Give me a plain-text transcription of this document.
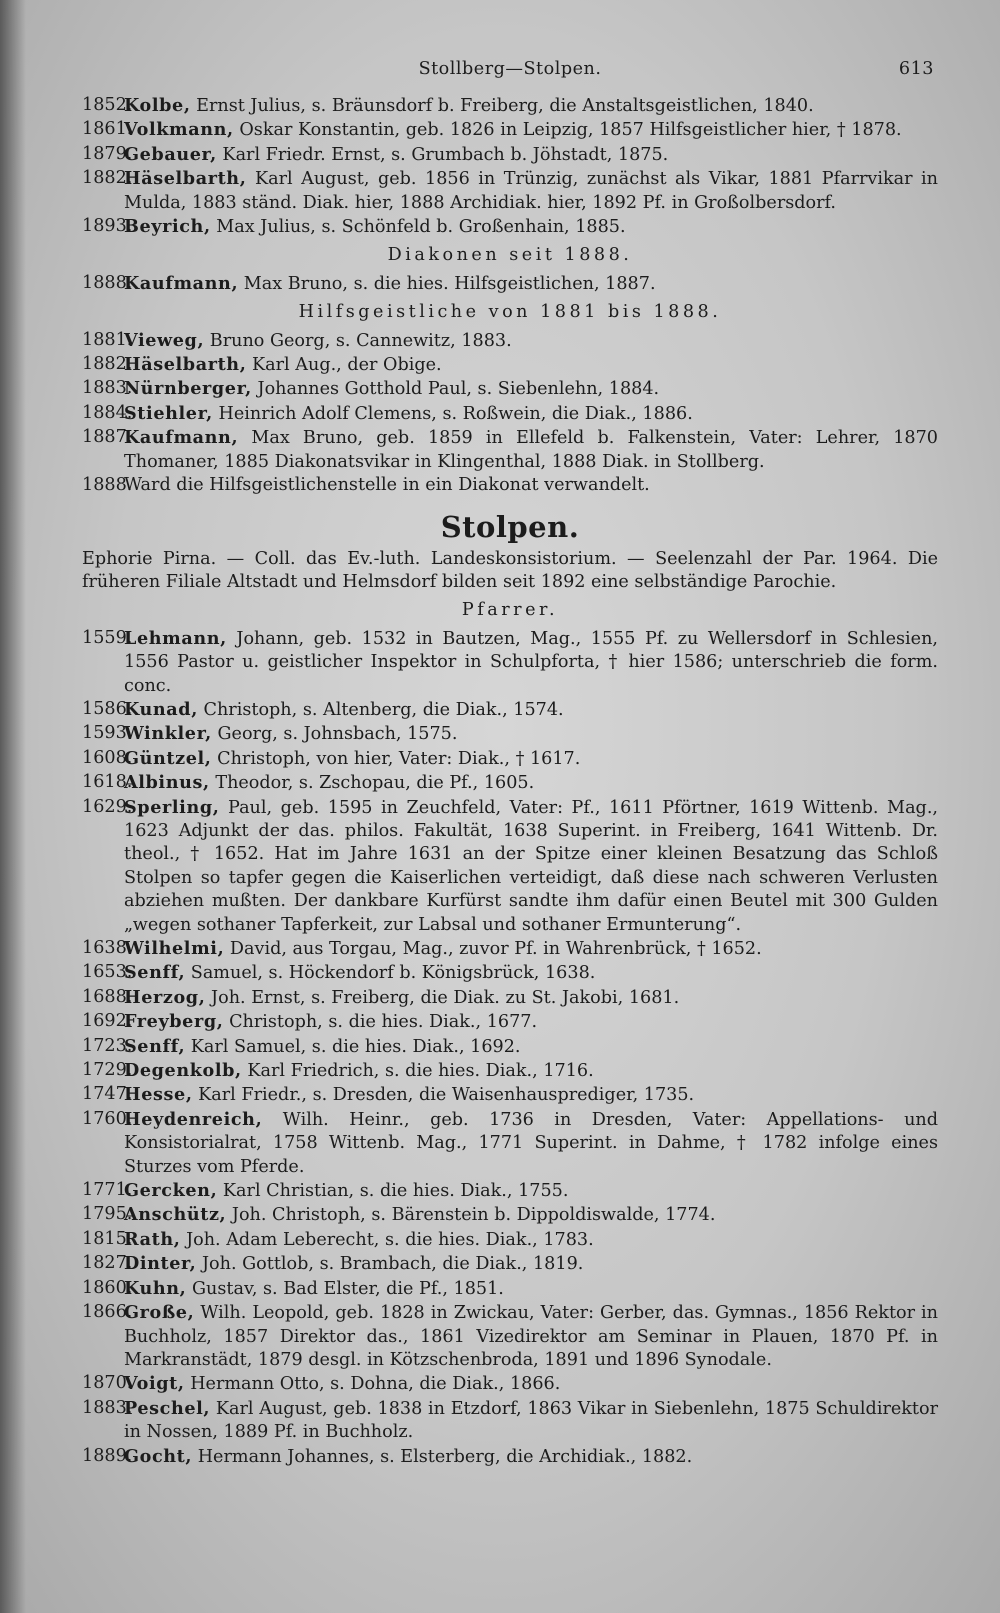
Stollberg—Stolpen.	613
1852.
Kolbe, Ernst Julius, s. Bräunsdorf b. Freiberg, die Anstaltsgeistlichen, 1840.
1861.
Volkmann, Oskar Konstantin, geb. 1826 in Leipzig, 1857 Hilfsgeistlicher hier, † 1878.
1879.
Gebauer, Karl Friedr. Ernst, s. Grumbach b. Jöhstadt, 1875.
1882.
Häselbarth, Karl August, geb. 1856 in Trünzig, zunächst als Vikar, 1881 Pfarrvikar in Mulda, 1883 ständ. Diak. hier, 1888 Archidiak. hier, 1892 Pf. in Großolbersdorf.
1893.
Beyrich, Max Julius, s. Schönfeld b. Großenhain, 1885.
Diakonen seit 1888.
1888.
Kaufmann, Max Bruno, s. die hies. Hilfsgeistlichen, 1887.
Hilfsgeistliche von 1881 bis 1888.
1881.
Vieweg, Bruno Georg, s. Cannewitz, 1883.
1882.
Häselbarth, Karl Aug., der Obige.
1883.
Nürnberger, Johannes Gotthold Paul, s. Siebenlehn, 1884.
1884.
Stiehler, Heinrich Adolf Clemens, s. Roßwein, die Diak., 1886.
1887.
Kaufmann, Max Bruno, geb. 1859 in Ellefeld b. Falkenstein, Vater: Lehrer, 1870 Thomaner, 1885 Diakonatsvikar in Klingenthal, 1888 Diak. in Stollberg.
1888.
Ward die Hilfsgeistlichenstelle in ein Diakonat verwandelt.
Stolpen.
Ephorie Pirna. — Coll. das Ev.-luth. Landeskonsistorium. — Seelenzahl der Par. 1964. Die früheren Filiale Altstadt und Helmsdorf bilden seit 1892 eine selbständige Parochie.
Pfarrer.
1559.
Lehmann, Johann, geb. 1532 in Bautzen, Mag., 1555 Pf. zu Wellersdorf in Schlesien, 1556 Pastor u. geistlicher Inspektor in Schulpforta, † hier 1586; unterschrieb die form. conc.
1586.
Kunad, Christoph, s. Altenberg, die Diak., 1574.
1593.
Winkler, Georg, s. Johnsbach, 1575.
1608.
Güntzel, Christoph, von hier, Vater: Diak., † 1617.
1618.
Albinus, Theodor, s. Zschopau, die Pf., 1605.
1629.
Sperling, Paul, geb. 1595 in Zeuchfeld, Vater: Pf., 1611 Pförtner, 1619 Wittenb. Mag., 1623 Adjunkt der das. philos. Fakultät, 1638 Superint. in Freiberg, 1641 Wittenb. Dr. theol., † 1652. Hat im Jahre 1631 an der Spitze einer kleinen Besatzung das Schloß Stolpen so tapfer gegen die Kaiserlichen verteidigt, daß diese nach schweren Verlusten abziehen mußten. Der dankbare Kurfürst sandte ihm dafür einen Beutel mit 300 Gulden „wegen sothaner Tapferkeit, zur Labsal und sothaner Ermunterung“.
1638.
Wilhelmi, David, aus Torgau, Mag., zuvor Pf. in Wahrenbrück, † 1652.
1653.
Senff, Samuel, s. Höckendorf b. Königsbrück, 1638.
1688.
Herzog, Joh. Ernst, s. Freiberg, die Diak. zu St. Jakobi, 1681.
1692.
Freyberg, Christoph, s. die hies. Diak., 1677.
1723.
Senff, Karl Samuel, s. die hies. Diak., 1692.
1729.
Degenkolb, Karl Friedrich, s. die hies. Diak., 1716.
1747.
Hesse, Karl Friedr., s. Dresden, die Waisenhausprediger, 1735.
1760.
Heydenreich, Wilh. Heinr., geb. 1736 in Dresden, Vater: Appellations- und Konsistorialrat, 1758 Wittenb. Mag., 1771 Superint. in Dahme, † 1782 infolge eines Sturzes vom Pferde.
1771.
Gercken, Karl Christian, s. die hies. Diak., 1755.
1795.
Anschütz, Joh. Christoph, s. Bärenstein b. Dippoldiswalde, 1774.
1815.
Rath, Joh. Adam Leberecht, s. die hies. Diak., 1783.
1827.
Dinter, Joh. Gottlob, s. Brambach, die Diak., 1819.
1860.
Kuhn, Gustav, s. Bad Elster, die Pf., 1851.
1866.
Große, Wilh. Leopold, geb. 1828 in Zwickau, Vater: Gerber, das. Gymnas., 1856 Rektor in Buchholz, 1857 Direktor das., 1861 Vizedirektor am Seminar in Plauen, 1870 Pf. in Markranstädt, 1879 desgl. in Kötzschenbroda, 1891 und 1896 Synodale.
1870.
Voigt, Hermann Otto, s. Dohna, die Diak., 1866.
1883.
Peschel, Karl August, geb. 1838 in Etzdorf, 1863 Vikar in Siebenlehn, 1875 Schuldirektor in Nossen, 1889 Pf. in Buchholz.
1889.
Gocht, Hermann Johannes, s. Elsterberg, die Archidiak., 1882.
